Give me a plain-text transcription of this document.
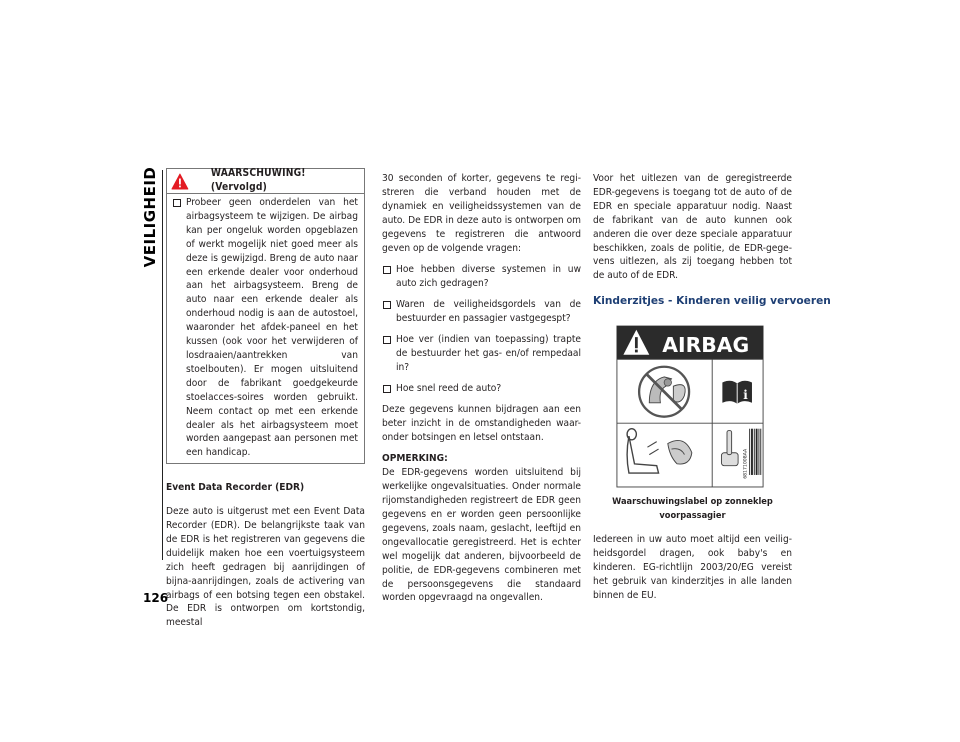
VEILIGHEID
126
WAARSCHUWING! (Vervolgd)
Probeer geen onderdelen van het airbagsysteem te wijzigen. De airbag kan per ongeluk worden opgeblazen of werkt mogelijk niet goed meer als deze is gewijzigd. Breng de auto naar een erkende dealer voor onderhoud aan het airbagsysteem. Breng de auto naar een erkende dealer als onderhoud nodig is aan de autostoel, waaronder het afdek-paneel en het kussen (ook voor het verwijderen of losdraaien/aantrekken van stoelbouten). Er mogen uitsluitend door de fabrikant goedgekeurde stoelacces-soires worden gebruikt. Neem contact op met een erkende dealer als het airbagsysteem moet worden aangepast aan personen met een handicap.
Event Data Recorder (EDR)

Deze auto is uitgerust met een Event Data Recorder (EDR). De belangrijkste taak van de EDR is het registreren van gegevens die duidelijk maken hoe een voertuigsysteem zich heeft gedragen bij aanrijdingen of bijna-aanrijdingen, zoals de activering van airbags of een botsing tegen een obstakel. De EDR is ontworpen om kortstondig, meestal

30 seconden of korter, gegevens te regi-streren die verband houden met de dynamiek en veiligheidssystemen van de auto. De EDR in deze auto is ontworpen om gegevens te registreren die antwoord geven op de volgende vragen:

Hoe hebben diverse systemen in uw auto zich gedragen?
Waren de veiligheidsgordels van de bestuurder en passagier vastgegespt?
Hoe ver (indien van toepassing) trapte de bestuurder het gas- en/of rempedaal in?
Hoe snel reed de auto?

Deze gegevens kunnen bijdragen aan een beter inzicht in de omstandigheden waar-onder botsingen en letsel ontstaan.

OPMERKING:

De EDR-gegevens worden uitsluitend bij werkelijke ongevalsituaties. Onder normale rijomstandigheden registreert de EDR geen gegevens en er worden geen persoonlijke gegevens, zoals naam, geslacht, leeftijd en ongevallocatie geregistreerd. Het is echter wel mogelijk dat anderen, bijvoorbeeld de politie, de EDR-gegevens combineren met de persoonsgegevens die standaard worden opgevraagd na ongevallen.

Voor het uitlezen van de geregistreerde EDR-gegevens is toegang tot de auto of de EDR en speciale apparatuur nodig. Naast de fabrikant van de auto kunnen ook anderen die over deze speciale apparatuur beschikken, zoals de politie, de EDR-gege-vens uitlezen, als zij toegang hebben tot de auto of de EDR.

Kinderzitjes - Kinderen veilig vervoeren
AIRBAG
i
68171008AA
Waarschuwingslabel op zonneklep voorpassagier

Iedereen in uw auto moet altijd een veilig-heidsgordel dragen, ook baby's en kinderen. EG-richtlijn 2003/20/EG vereist het gebruik van kinderzitjes in alle landen binnen de EU.
